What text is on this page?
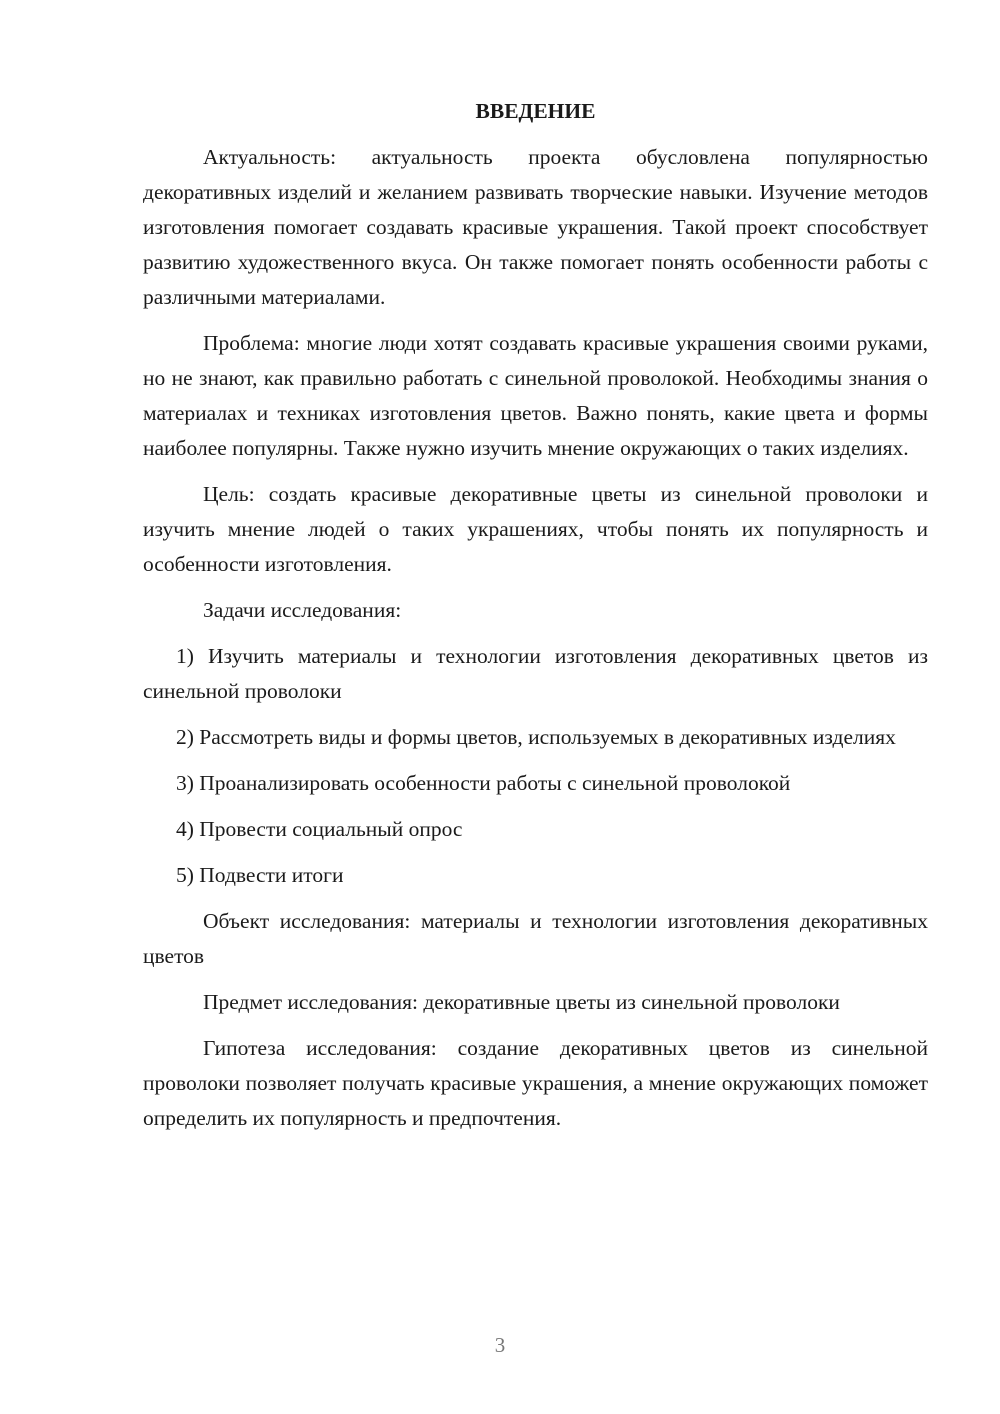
ВВЕДЕНИЕ

Актуальность: актуальность проекта обусловлена популярностью декоративных изделий и желанием развивать творческие навыки. Изучение методов изготовления помогает создавать красивые украшения. Такой проект способствует развитию художественного вкуса. Он также помогает понять особенности работы с различными материалами.

Проблема: многие люди хотят создавать красивые украшения своими руками, но не знают, как правильно работать с синельной проволокой. Необходимы знания о материалах и техниках изготовления цветов. Важно понять, какие цвета и формы наиболее популярны. Также нужно изучить мнение окружающих о таких изделиях.

Цель: создать красивые декоративные цветы из синельной проволоки и изучить мнение людей о таких украшениях, чтобы понять их популярность и особенности изготовления.

Задачи исследования:

1) Изучить материалы и технологии изготовления декоративных цветов из синельной проволоки

2) Рассмотреть виды и формы цветов, используемых в декоративных изделиях

3) Проанализировать особенности работы с синельной проволокой

4) Провести социальный опрос

5) Подвести итоги

Объект исследования: материалы и технологии изготовления декоративных цветов

Предмет исследования: декоративные цветы из синельной проволоки

Гипотеза исследования: создание декоративных цветов из синельной проволоки позволяет получать красивые украшения, а мнение окружающих поможет определить их популярность и предпочтения.

3
